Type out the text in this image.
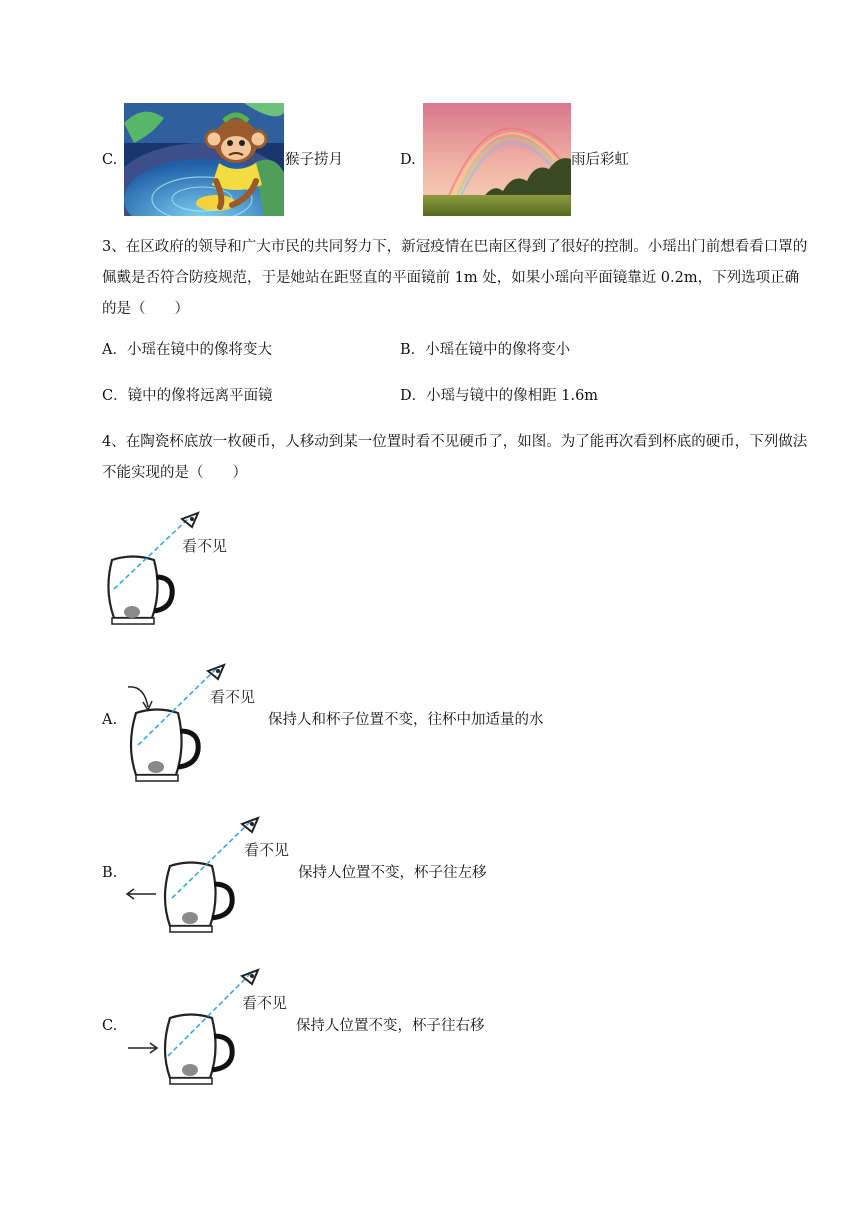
C.	猴子捞月	D.	雨后彩虹
3、在区政府的领导和广大市民的共同努力下，新冠疫情在巴南区得到了很好的控制。小瑶出门前想看看口罩的佩戴是否符合防疫规范，于是她站在距竖直的平面镜前 1m 处，如果小瑶向平面镜靠近 0.2m，下列选项正确的是（　　）
A．小瑶在镜中的像将变大	B．小瑶在镜中的像将变小
C．镜中的像将远离平面镜	D．小瑶与镜中的像相距 1.6m
4、在陶瓷杯底放一枚硬币，人移动到某一位置时看不见硬币了，如图。为了能再次看到杯底的硬币，下列做法不能实现的是（　　）
看不见
A.
看不见
保持人和杯子位置不变，往杯中加适量的水
B.
看不见
保持人位置不变，杯子往左移
C.
看不见
保持人位置不变，杯子往右移
